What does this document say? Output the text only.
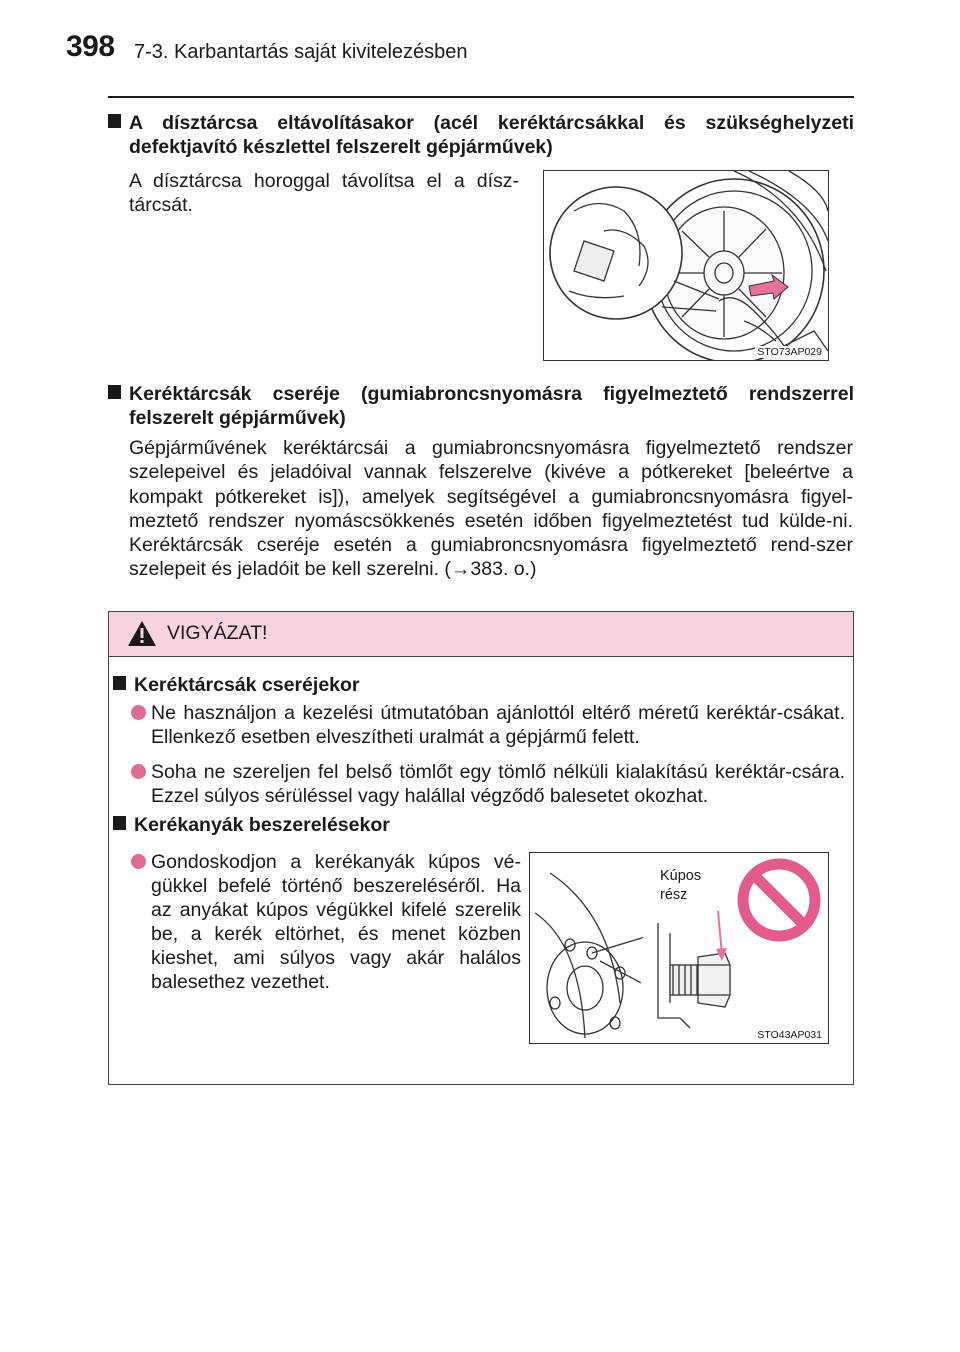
398 7-3. Karbantartás saját kivitelezésben
A dísztárcsa eltávolításakor (acél keréktárcsákkal és szükséghelyzeti defektjavító készlettel felszerelt gépjárművek)
A dísztárcsa horoggal távolítsa el a dísz-tárcsát.
STO73AP029
Keréktárcsák cseréje (gumiabroncsnyomásra figyelmeztető rendszerrel felszerelt gépjárművek)
Gépjárművének keréktárcsái a gumiabroncsnyomásra figyelmeztető rendszer szelepeivel és jeladóival vannak felszerelve (kivéve a pótkereket [beleértve a kompakt pótkereket is]), amelyek segítségével a gumiabroncsnyomásra figyel-meztető rendszer nyomáscsökkenés esetén időben figyelmeztetést tud külde-ni. Keréktárcsák cseréje esetén a gumiabroncsnyomásra figyelmeztető rend-szer szelepeit és jeladóit be kell szerelni. (→383. o.)
VIGYÁZAT!
Keréktárcsák cseréjekor
Ne használjon a kezelési útmutatóban ajánlottól eltérő méretű keréktár-csákat. Ellenkező esetben elveszítheti uralmát a gépjármű felett.
Soha ne szereljen fel belső tömlőt egy tömlő nélküli kialakítású keréktár-csára. Ezzel súlyos sérüléssel vagy halállal végződő balesetet okozhat.
Kerékanyák beszerelésekor
Gondoskodjon a kerékanyák kúpos vé-gükkel befelé történő beszereléséről. Ha az anyákat kúpos végükkel kifelé szerelik be, a kerék eltörhet, és menet közben kieshet, ami súlyos vagy akár halálos balesethez vezethet.
Kúpos
rész
STO43AP031
